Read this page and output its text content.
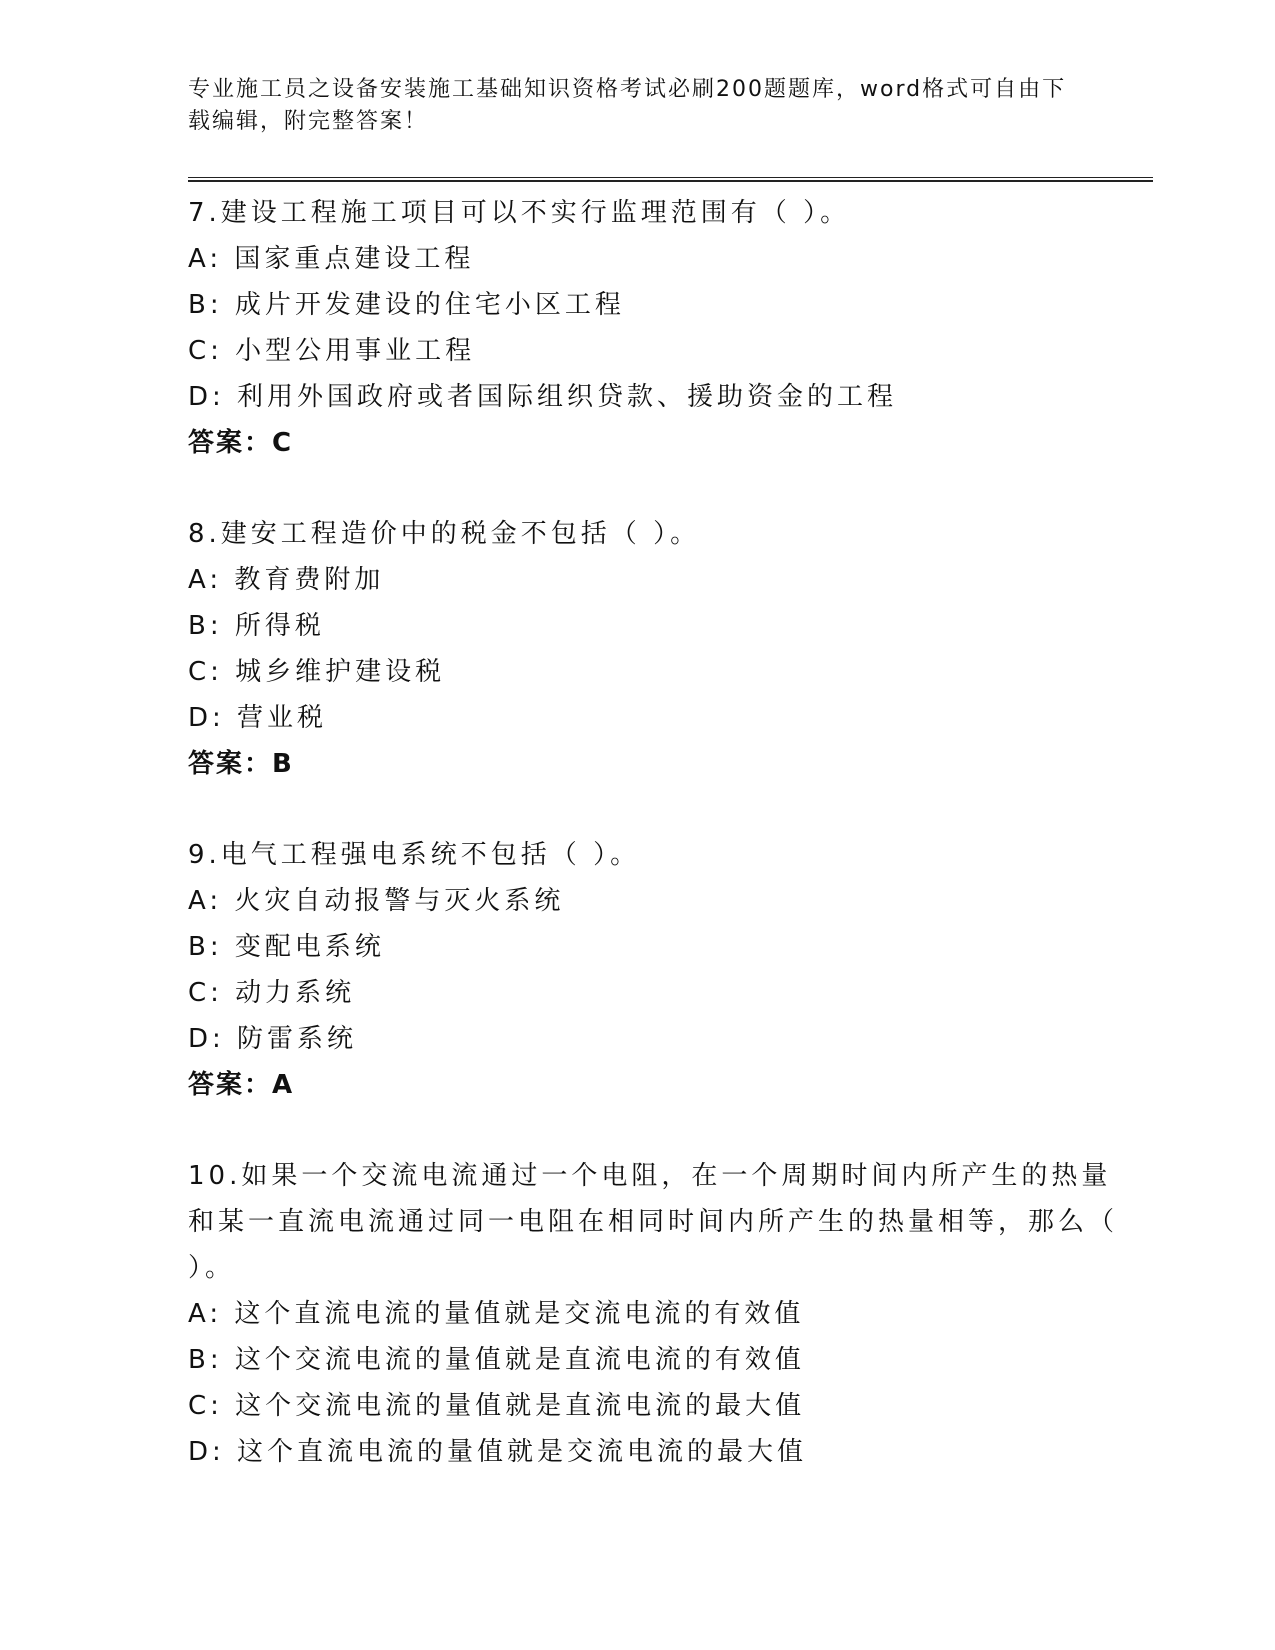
专业施工员之设备安装施工基础知识资格考试必刷200题题库，word格式可自由下载编辑，附完整答案！

7.建设工程施工项目可以不实行监理范围有（ ）。

A: 国家重点建设工程

B: 成片开发建设的住宅小区工程

C: 小型公用事业工程

D: 利用外国政府或者国际组织贷款、援助资金的工程

答案：C

8.建安工程造价中的税金不包括（ ）。

A: 教育费附加

B: 所得税

C: 城乡维护建设税

D: 营业税

答案：B

9.电气工程强电系统不包括（ ）。

A: 火灾自动报警与灭火系统

B: 变配电系统

C: 动力系统

D: 防雷系统

答案：A

10.如果一个交流电流通过一个电阻，在一个周期时间内所产生的热量和某一直流电流通过同一电阻在相同时间内所产生的热量相等，那么（ ）。

A: 这个直流电流的量值就是交流电流的有效值

B: 这个交流电流的量值就是直流电流的有效值

C: 这个交流电流的量值就是直流电流的最大值

D: 这个直流电流的量值就是交流电流的最大值
